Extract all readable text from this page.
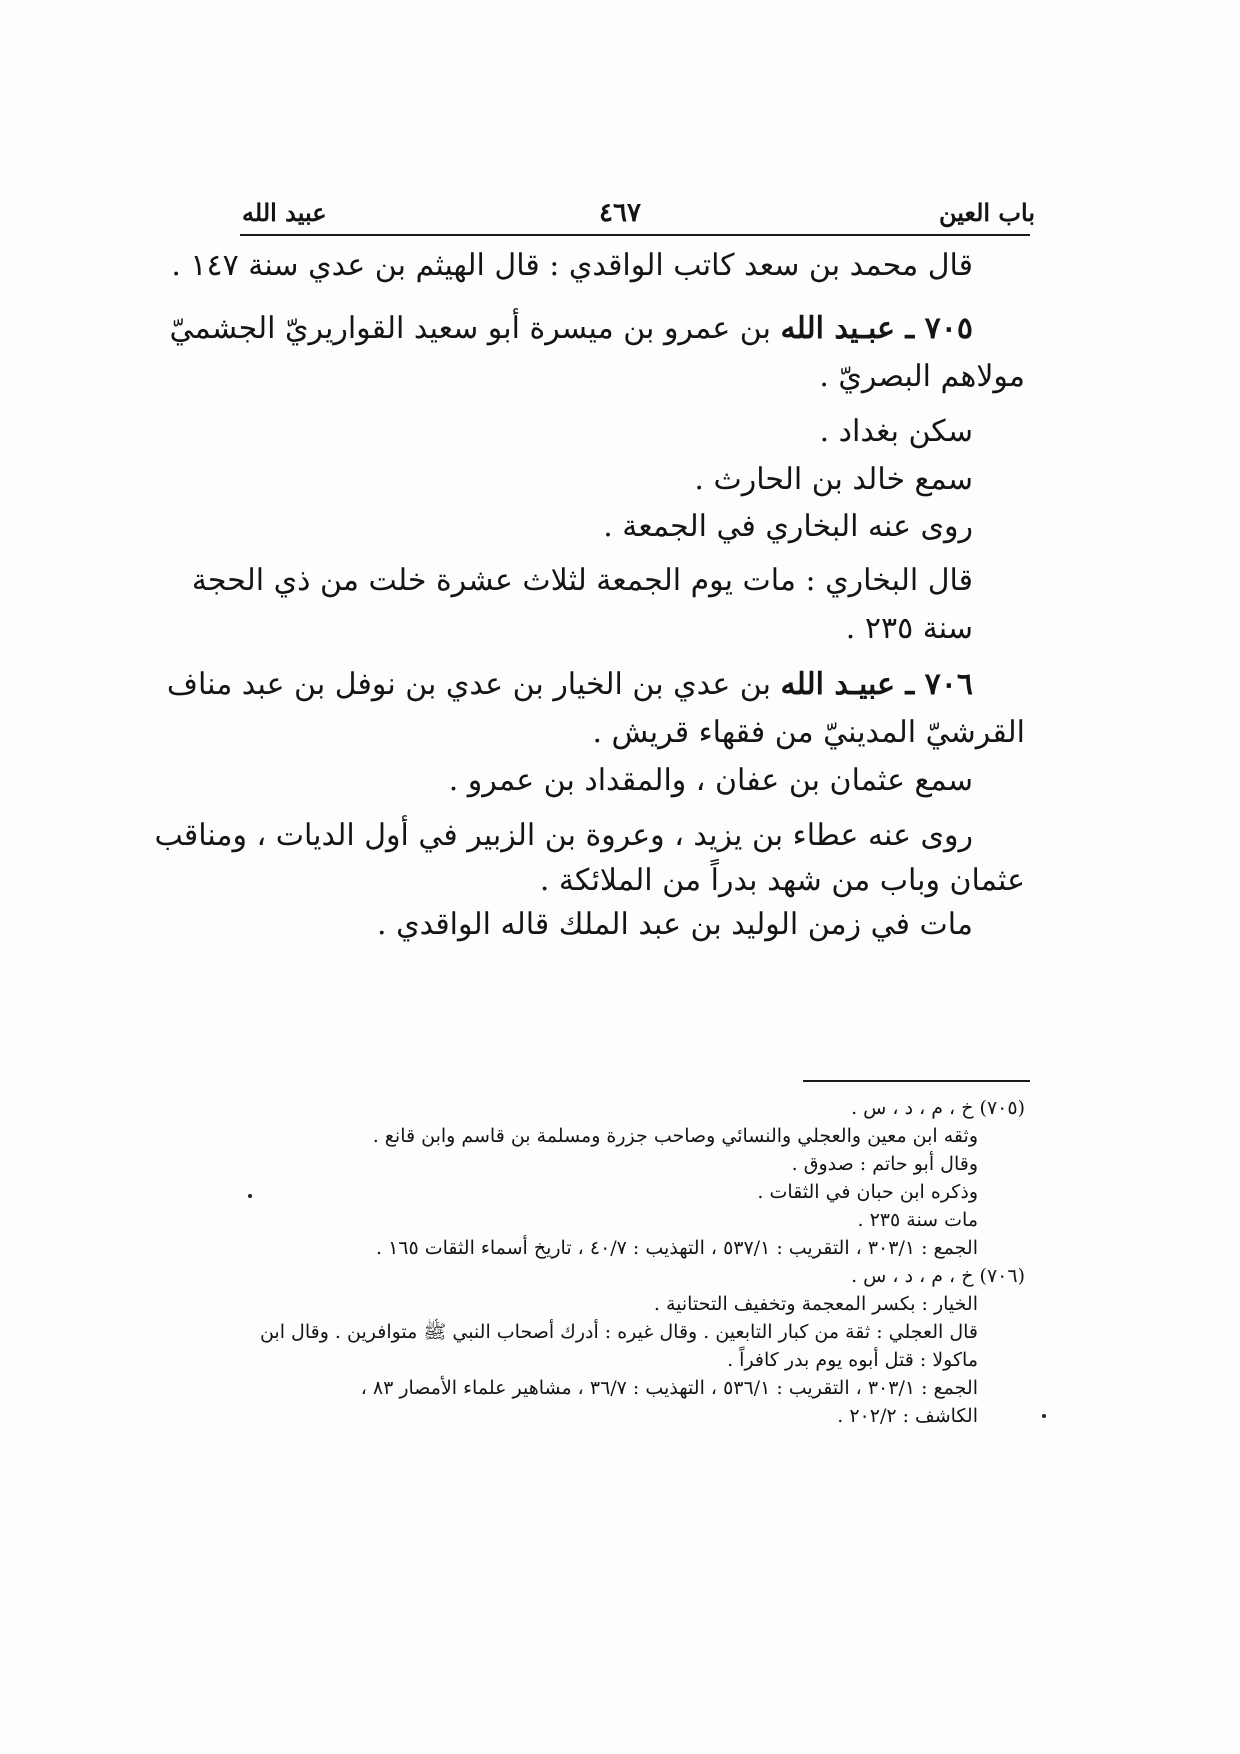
باب العين
٤٦٧
عبيد الله
قال محمد بن سعد كاتب الواقدي : قال الهيثم بن عدي سنة ١٤٧ .
٧٠٥ ـ عبـيد الله بن عمرو بن ميسرة أبو سعيد القواريريّ الجشميّ
مولاهم البصريّ .
سكن بغداد .
سمع خالد بن الحارث .
روى عنه البخاري في الجمعة .
قال البخاري : مات يوم الجمعة لثلاث عشرة خلت من ذي الحجة
سنة ٢٣٥ .
٧٠٦ ـ عبيـد الله بن عدي بن الخيار بن عدي بن نوفل بن عبد مناف
القرشيّ المدينيّ من فقهاء قريش .
سمع عثمان بن عفان ، والمقداد بن عمرو .
روى عنه عطاء بن يزيد ، وعروة بن الزبير في أول الديات ، ومناقب
عثمان وباب من شهد بدراً من الملائكة .
مات في زمن الوليد بن عبد الملك قاله الواقدي .
(٧٠٥) خ ، م ، د ، س .
وثقه ابن معين والعجلي والنسائي وصاحب جزرة ومسلمة بن قاسم وابن قانع .
وقال أبو حاتم : صدوق .
وذكره ابن حبان في الثقات .
مات سنة ٢٣٥ .
الجمع : ٣٠٣/١ ، التقريب : ٥٣٧/١ ، التهذيب : ٤٠/٧ ، تاريخ أسماء الثقات ١٦٥ .
(٧٠٦) خ ، م ، د ، س .
الخيار : بكسر المعجمة وتخفيف التحتانية .
قال العجلي : ثقة من كبار التابعين . وقال غيره : أدرك أصحاب النبي ﷺ متوافرين . وقال ابن
ماكولا : قتل أبوه يوم بدر كافراً .
الجمع : ٣٠٣/١ ، التقريب : ٥٣٦/١ ، التهذيب : ٣٦/٧ ، مشاهير علماء الأمصار ٨٣ ،
الكاشف : ٢٠٢/٢ .
